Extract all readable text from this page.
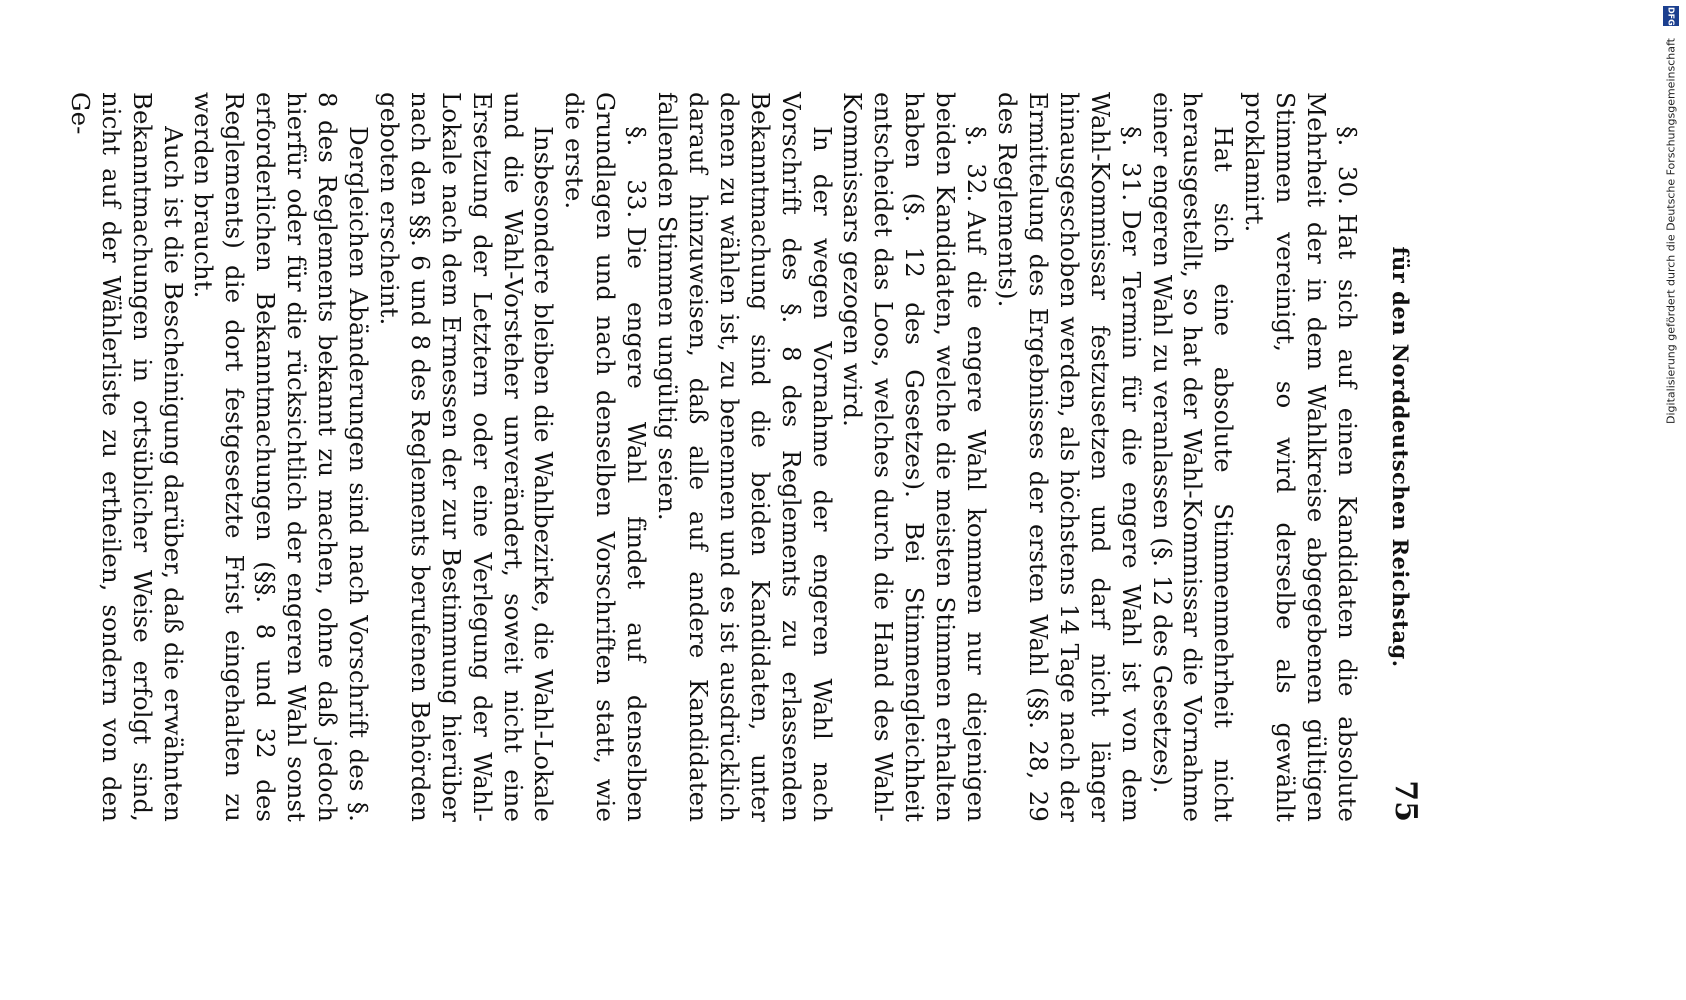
für den Norddeutschen Reichstag.
75

§. 30.Hat sich auf einen Kandidaten die absolute Mehrheit der in dem Wahlkreise abgegebenen gültigen Stimmen vereinigt, so wird derselbe als gewählt proklamirt.

Hat sich eine absolute Stimmenmehrheit nicht herausgestellt, so hat der Wahl-Kommissar die Vornahme einer engeren Wahl zu veranlassen (§. 12 des Gesetzes).

§. 31.Der Termin für die engere Wahl ist von dem Wahl-Kommissar festzusetzen und darf nicht länger hinausgeschoben werden, als höchstens 14 Tage nach der Ermittelung des Ergebnisses der ersten Wahl (§§. 28, 29 des Reglements).

§. 32.Auf die engere Wahl kommen nur diejenigen beiden Kandidaten, welche die meisten Stimmen erhalten haben (§. 12 des Gesetzes). Bei Stimmengleichheit entscheidet das Loos, welches durch die Hand des Wahl-Kommissars gezogen wird.

In der wegen Vornahme der engeren Wahl nach Vorschrift des §. 8 des Reglements zu erlassenden Bekanntmachung sind die beiden Kandidaten, unter denen zu wählen ist, zu benennen und es ist ausdrücklich darauf hinzuweisen, daß alle auf andere Kandidaten fallenden Stimmen ungültig seien.

§. 33.Die engere Wahl findet auf denselben Grundlagen und nach denselben Vorschriften statt, wie die erste.

Insbesondere bleiben die Wahlbezirke, die Wahl-Lokale und die Wahl-Vorsteher unverändert, soweit nicht eine Ersetzung der Letztern oder eine Verlegung der Wahl-Lokale nach dem Ermessen der zur Bestimmung hierüber nach den §§. 6 und 8 des Reglements berufenen Behörden geboten erscheint.

Dergleichen Abänderungen sind nach Vorschrift des §. 8 des Reglements bekannt zu machen, ohne daß jedoch hierfür oder für die rücksichtlich der engeren Wahl sonst erforderlichen Bekanntmachungen (§§. 8 und 32 des Reglements) die dort festgesetzte Frist eingehalten zu werden braucht.

Auch ist die Bescheinigung darüber, daß die erwähnten Bekanntmachungen in ortsüblicher Weise erfolgt sind, nicht auf der Wählerliste zu ertheilen, sondern von den Ge-

DFG
Digitalisierung gefördert durch die Deutsche Forschungsgemeinschaft
